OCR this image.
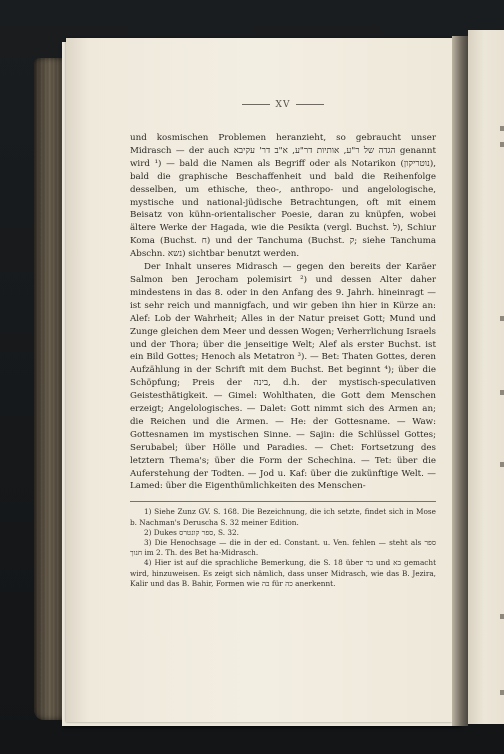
XV

und kosmischen Problemen heranzieht, so gebraucht unser Midrasch — der auch הגדה של ר"ע, אותיות דר"ע, א"ב דר' עקיבא genannt wird ¹) — bald die Namen als Begriff oder als Notarikon (נוטריקון), bald die graphische Beschaffenheit und bald die Reihenfolge desselben, um ethische, theo-, anthropo- und angelologische, mystische und national-jüdische Betrachtungen, oft mit einem Beisatz von kühn-orientalischer Poesie, daran zu knüpfen, wobei ältere Werke der Hagada, wie die Pesikta (vergl. Buchst. ל), Schiur Koma (Buchst. ח) und der Tanchuma (Buchst. ק; siehe Tanchuma Abschn. נשא) sichtbar benutzt werden.

Der Inhalt unseres Midrasch — gegen den bereits der Karäer Salmon ben Jerocham polemisirt ²) und dessen Alter daher mindestens in das 8. oder in den Anfang des 9. Jahrh. hineinragt — ist sehr reich und mannigfach, und wir geben ihn hier in Kürze an: Alef: Lob der Wahrheit; Alles in der Natur preiset Gott; Mund und Zunge gleichen dem Meer und dessen Wogen; Verherrlichung Israels und der Thora; über die jenseitige Welt; Alef als erster Buchst. ist ein Bild Gottes; Henoch als Metatron ³). — Bet: Thaten Gottes, deren Aufzählung in der Schrift mit dem Buchst. Bet beginnt ⁴); über die Schöpfung; Preis der בינה, d.h. der mystisch-speculativen Geistesthätigkeit. — Gimel: Wohlthaten, die Gott dem Menschen erzeigt; Angelologisches. — Dalet: Gott nimmt sich des Armen an; die Reichen und die Armen. — He: der Gottesname. — Waw: Gottesnamen im mystischen Sinne. — Sajin: die Schlüssel Gottes; Serubabel; über Hölle und Paradies. — Chet: Fortsetzung des letztern Thema's; über die Form der Schechina. — Tet: über die Auferstehung der Todten. — Jod u. Kaf: über die zukünftige Welt. — Lamed: über die Eigenthümlichkeiten des Menschen-

1) Siehe Zunz GV. S. 168. Die Bezeichnung, die ich setzte, findet sich in Mose b. Nachman's Deruscha S. 32 meiner Edition.

2) Dukes ספר קונטרס, S. 32.

3) Die Henochsage — die in der ed. Constant. u. Ven. fehlen — steht als ספר חנוך im 2. Th. des Bet ha-Midrasch.

4) Hier ist auf die sprachliche Bemerkung, die S. 18 über בר und בא gemacht wird, hinzuweisen. Es zeigt sich nämlich, dass unser Midrasch, wie das B. Jezira, Kalir und das B. Bahir, Formen wie בה für כה anerkennt.
